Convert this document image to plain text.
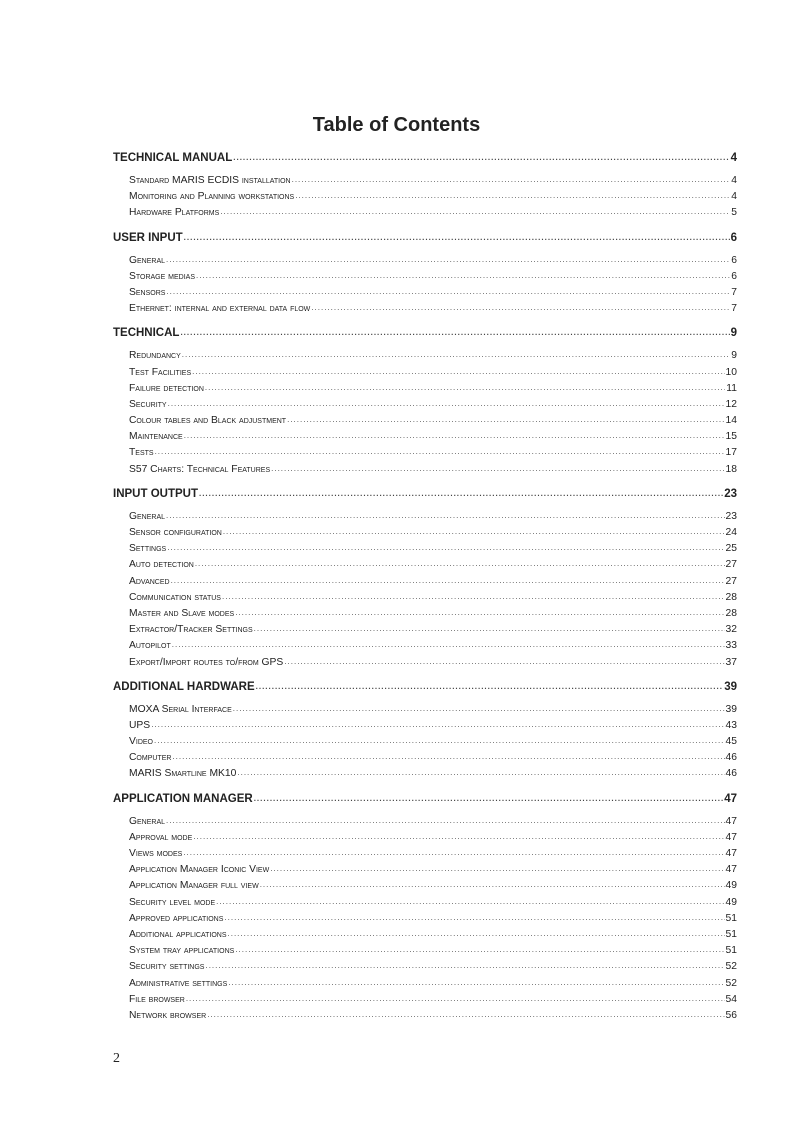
Table of Contents
TECHNICAL MANUAL .....	4
Standard MARIS ECDIS installation .....	4
Monitoring and Planning workstations .....	4
Hardware Platforms .....	5
USER INPUT .....	6
General .....	6
Storage medias .....	6
Sensors .....	7
Ethernet: internal and external data flow .....	7
TECHNICAL .....	9
Redundancy .....	9
Test Facilities .....	10
Failure detection .....	11
Security .....	12
Colour tables and Black adjustment .....	14
Maintenance .....	15
Tests .....	17
S57 Charts: Technical Features .....	18
INPUT OUTPUT .....	23
General .....	23
Sensor configuration .....	24
Settings .....	25
Auto detection .....	27
Advanced .....	27
Communication status .....	28
Master and Slave modes .....	28
Extractor/Tracker Settings .....	32
Autopilot .....	33
Export/Import routes to/from GPS .....	37
ADDITIONAL HARDWARE .....	39
MOXA Serial Interface .....	39
UPS .....	43
Video .....	45
Computer .....	46
MARIS Smartline MK10 .....	46
APPLICATION MANAGER .....	47
General .....	47
Approval mode .....	47
Views modes .....	47
Application Manager Iconic View .....	47
Application Manager full view .....	49
Security level mode .....	49
Approved applications .....	51
Additional applications .....	51
System tray applications .....	51
Security settings .....	52
Administrative settings .....	52
File browser .....	54
Network browser .....	56
2
